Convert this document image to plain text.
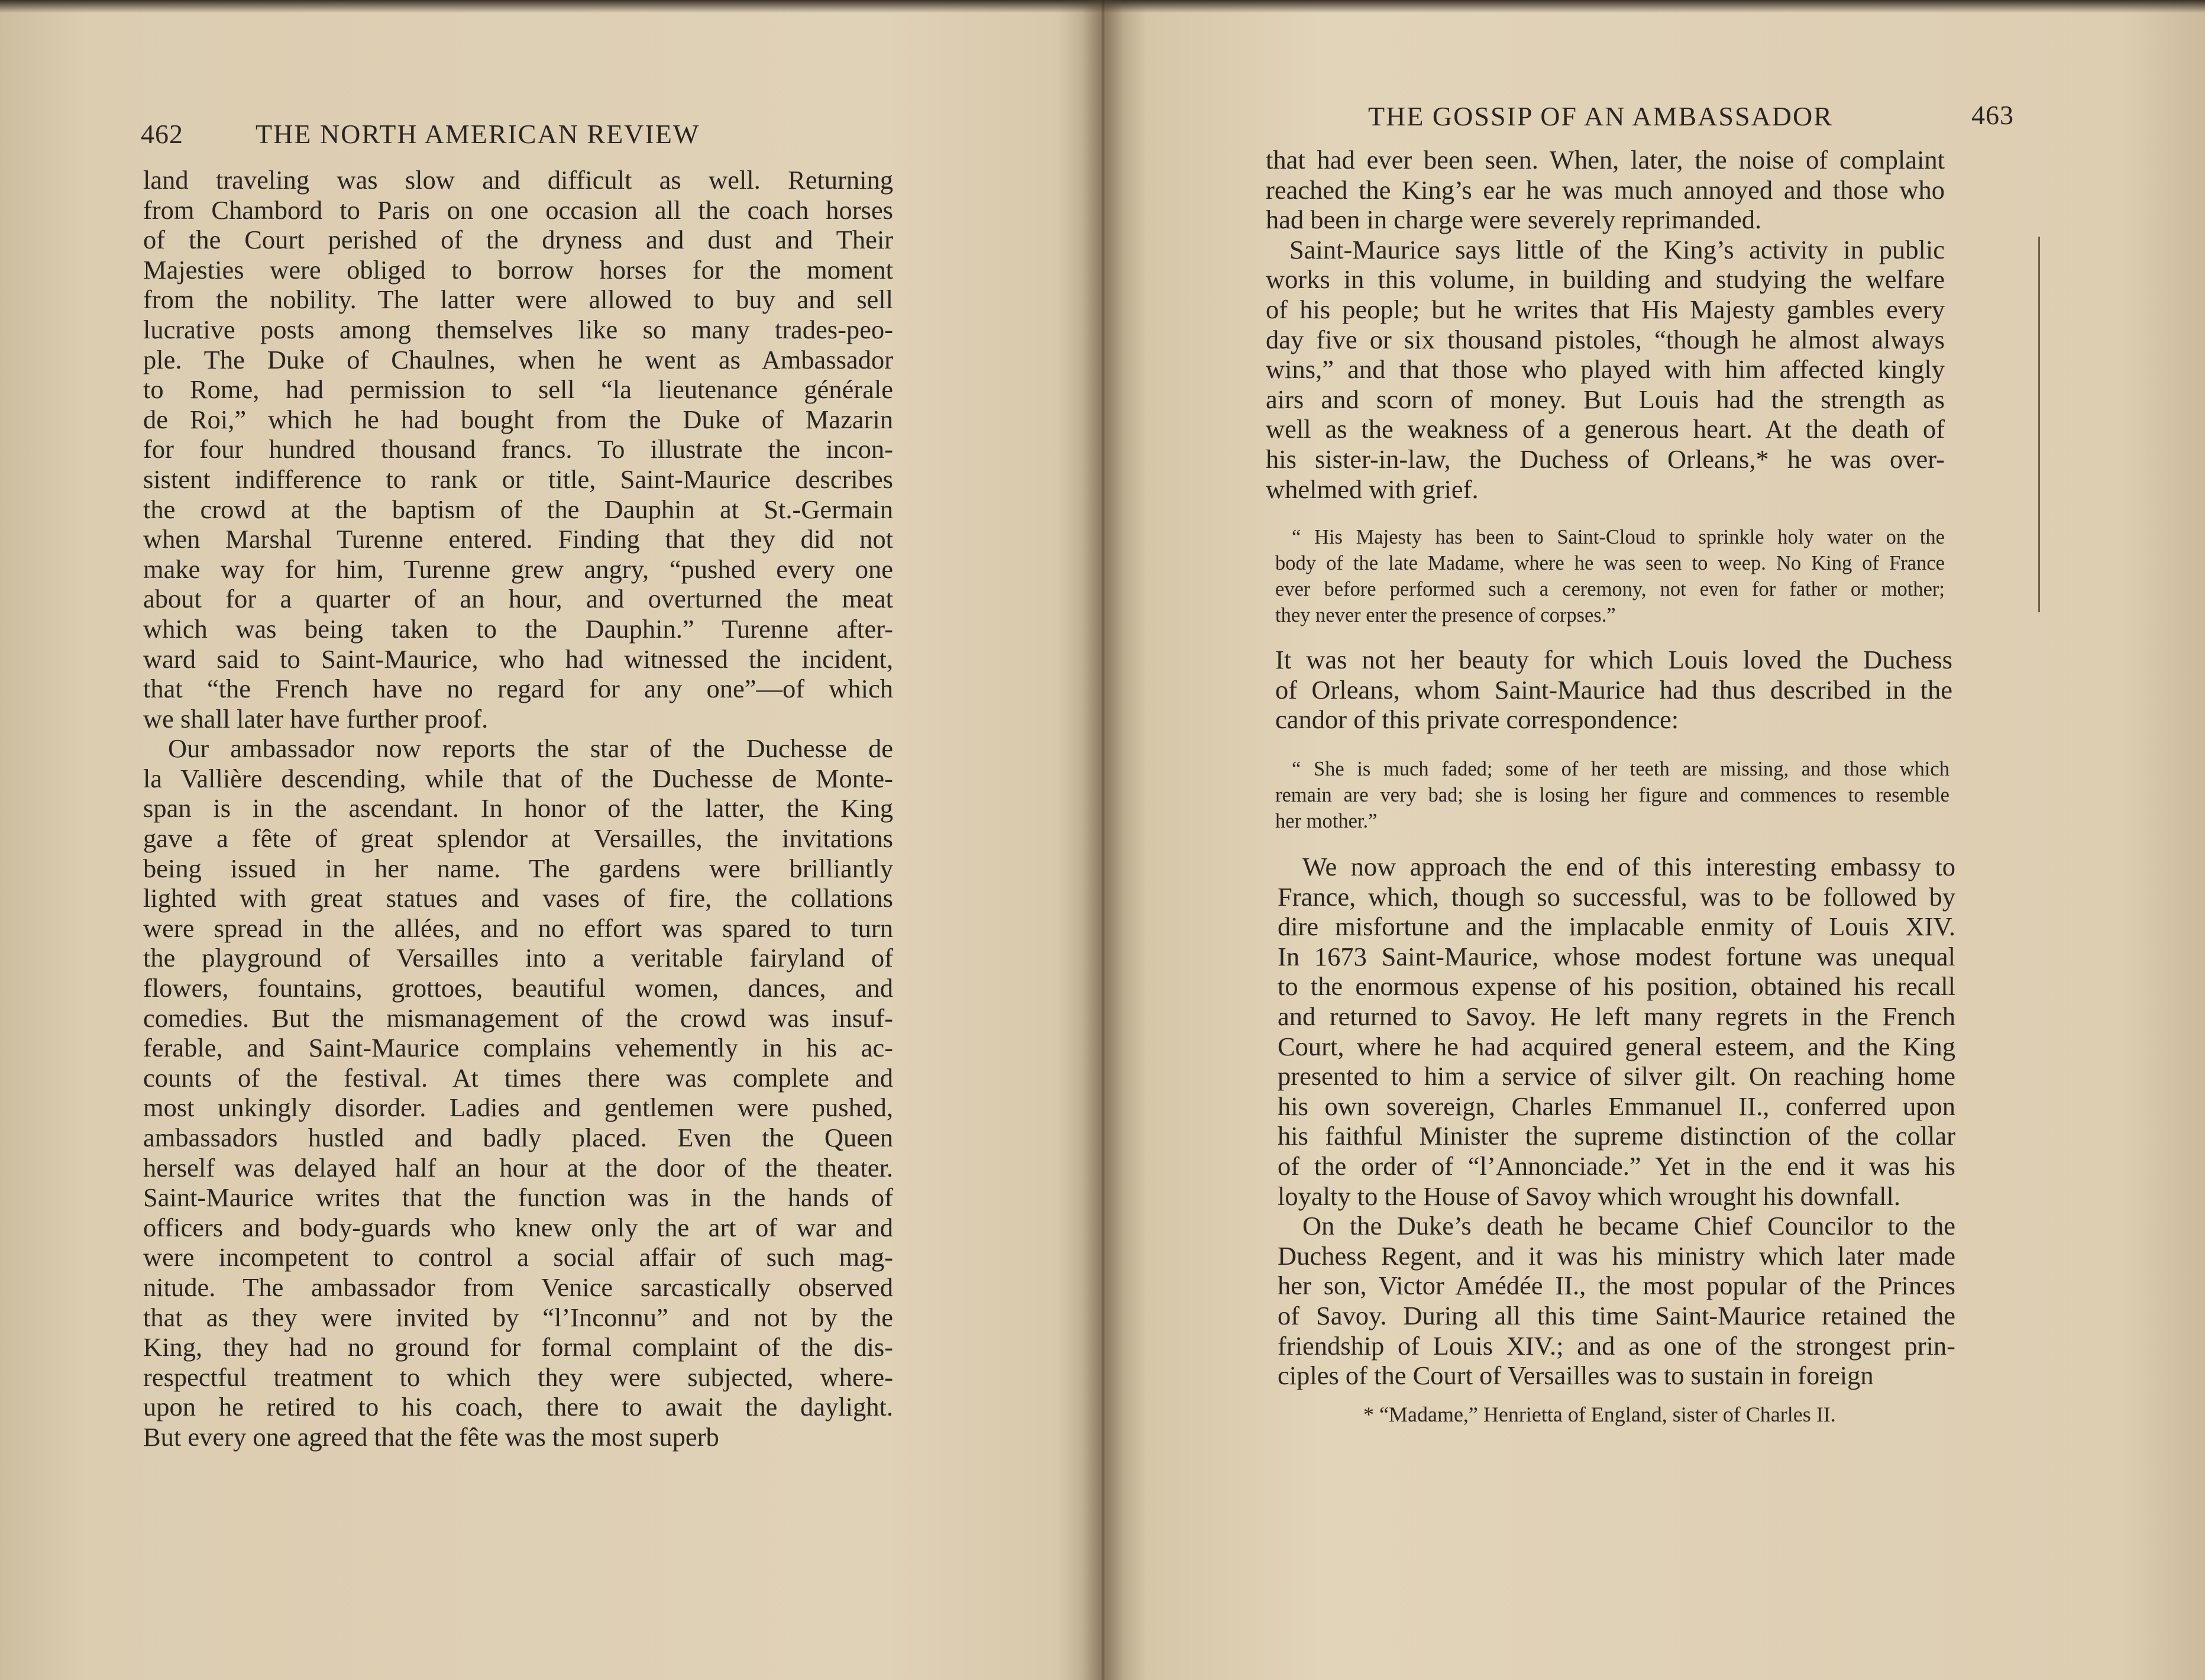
462	THE NORTH AMERICAN REVIEW
land traveling was slow and difficult as well. Returning
from Chambord to Paris on one occasion all the coach horses
of the Court perished of the dryness and dust and Their
Majesties were obliged to borrow horses for the moment
from the nobility. The latter were allowed to buy and sell
lucrative posts among themselves like so many trades-peo-
ple. The Duke of Chaulnes, when he went as Ambassador
to Rome, had permission to sell “la lieutenance générale
de Roi,” which he had bought from the Duke of Mazarin
for four hundred thousand francs. To illustrate the incon-
sistent indifference to rank or title, Saint-Maurice describes
the crowd at the baptism of the Dauphin at St.-Germain
when Marshal Turenne entered. Finding that they did not
make way for him, Turenne grew angry, “pushed every one
about for a quarter of an hour, and overturned the meat
which was being taken to the Dauphin.” Turenne after-
ward said to Saint-Maurice, who had witnessed the incident,
that “the French have no regard for any one”—of which
we shall later have further proof.
Our ambassador now reports the star of the Duchesse de
la Vallière descending, while that of the Duchesse de Monte-
span is in the ascendant. In honor of the latter, the King
gave a fête of great splendor at Versailles, the invitations
being issued in her name. The gardens were brilliantly
lighted with great statues and vases of fire, the collations
were spread in the allées, and no effort was spared to turn
the playground of Versailles into a veritable fairyland of
flowers, fountains, grottoes, beautiful women, dances, and
comedies. But the mismanagement of the crowd was insuf-
ferable, and Saint-Maurice complains vehemently in his ac-
counts of the festival. At times there was complete and
most unkingly disorder. Ladies and gentlemen were pushed,
ambassadors hustled and badly placed. Even the Queen
herself was delayed half an hour at the door of the theater.
Saint-Maurice writes that the function was in the hands of
officers and body-guards who knew only the art of war and
were incompetent to control a social affair of such mag-
nitude. The ambassador from Venice sarcastically observed
that as they were invited by “l’Inconnu” and not by the
King, they had no ground for formal complaint of the dis-
respectful treatment to which they were subjected, where-
upon he retired to his coach, there to await the daylight.
But every one agreed that the fête was the most superb
THE GOSSIP OF AN AMBASSADOR	463
that had ever been seen. When, later, the noise of complaint
reached the King’s ear he was much annoyed and those who
had been in charge were severely reprimanded.
Saint-Maurice says little of the King’s activity in public
works in this volume, in building and studying the welfare
of his people; but he writes that His Majesty gambles every
day five or six thousand pistoles, “though he almost always
wins,” and that those who played with him affected kingly
airs and scorn of money. But Louis had the strength as
well as the weakness of a generous heart. At the death of
his sister-in-law, the Duchess of Orleans,* he was over-
whelmed with grief.
“ His Majesty has been to Saint-Cloud to sprinkle holy water on the
body of the late Madame, where he was seen to weep. No King of France
ever before performed such a ceremony, not even for father or mother;
they never enter the presence of corpses.”
It was not her beauty for which Louis loved the Duchess
of Orleans, whom Saint-Maurice had thus described in the
candor of this private correspondence:
“ She is much faded; some of her teeth are missing, and those which
remain are very bad; she is losing her figure and commences to resemble
her mother.”
We now approach the end of this interesting embassy to
France, which, though so successful, was to be followed by
dire misfortune and the implacable enmity of Louis XIV.
In 1673 Saint-Maurice, whose modest fortune was unequal
to the enormous expense of his position, obtained his recall
and returned to Savoy. He left many regrets in the French
Court, where he had acquired general esteem, and the King
presented to him a service of silver gilt. On reaching home
his own sovereign, Charles Emmanuel II., conferred upon
his faithful Minister the supreme distinction of the collar
of the order of “l’Annonciade.” Yet in the end it was his
loyalty to the House of Savoy which wrought his downfall.
On the Duke’s death he became Chief Councilor to the
Duchess Regent, and it was his ministry which later made
her son, Victor Amédée II., the most popular of the Princes
of Savoy. During all this time Saint-Maurice retained the
friendship of Louis XIV.; and as one of the strongest prin-
ciples of the Court of Versailles was to sustain in foreign
* “Madame,” Henrietta of England, sister of Charles II.
